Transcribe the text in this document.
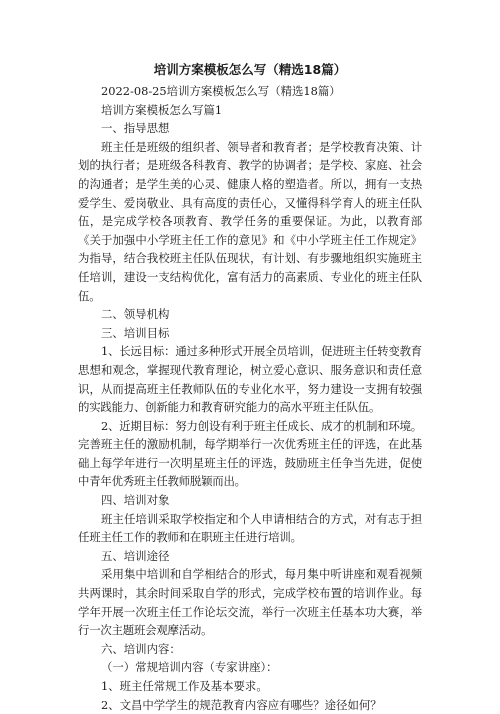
培训方案模板怎么写（精选18篇）

2022-08-25培训方案模板怎么写（精选18篇）

培训方案模板怎么写篇1

一、指导思想

班主任是班级的组织者、领导者和教育者；是学校教育决策、计划的执行者；是班级各科教育、教学的协调者；是学校、家庭、社会的沟通者；是学生美的心灵、健康人格的塑造者。所以，拥有一支热爱学生、爱岗敬业、具有高度的责任心，又懂得科学育人的班主任队伍，是完成学校各项教育、教学任务的重要保证。为此，以教育部《关于加强中小学班主任工作的意见》和《中小学班主任工作规定》为指导，结合我校班主任队伍现状，有计划、有步骤地组织实施班主任培训，建设一支结构优化，富有活力的高素质、专业化的班主任队伍。

二、领导机构

三、培训目标

1、长远目标：通过多种形式开展全员培训，促进班主任转变教育思想和观念，掌握现代教育理论，树立爱心意识、服务意识和责任意识，从而提高班主任教师队伍的专业化水平，努力建设一支拥有较强的实践能力、创新能力和教育研究能力的高水平班主任队伍。

2、近期目标：努力创设有利于班主任成长、成才的机制和环境。完善班主任的激励机制，每学期举行一次优秀班主任的评选，在此基础上每学年进行一次明星班主任的评选，鼓励班主任争当先进，促使中青年优秀班主任教师脱颖而出。

四、培训对象

班主任培训采取学校指定和个人申请相结合的方式，对有志于担任班主任工作的教师和在职班主任进行培训。

五、培训途径

采用集中培训和自学相结合的形式，每月集中听讲座和观看视频共两课时，其余时间采取自学的形式，完成学校布置的培训作业。每学年开展一次班主任工作论坛交流，举行一次班主任基本功大赛，举行一次主题班会观摩活动。

六、培训内容：

（一）常规培训内容（专家讲座）：

1、班主任常规工作及基本要求。

2、文昌中学学生的规范教育内容应有哪些？途径如何？
